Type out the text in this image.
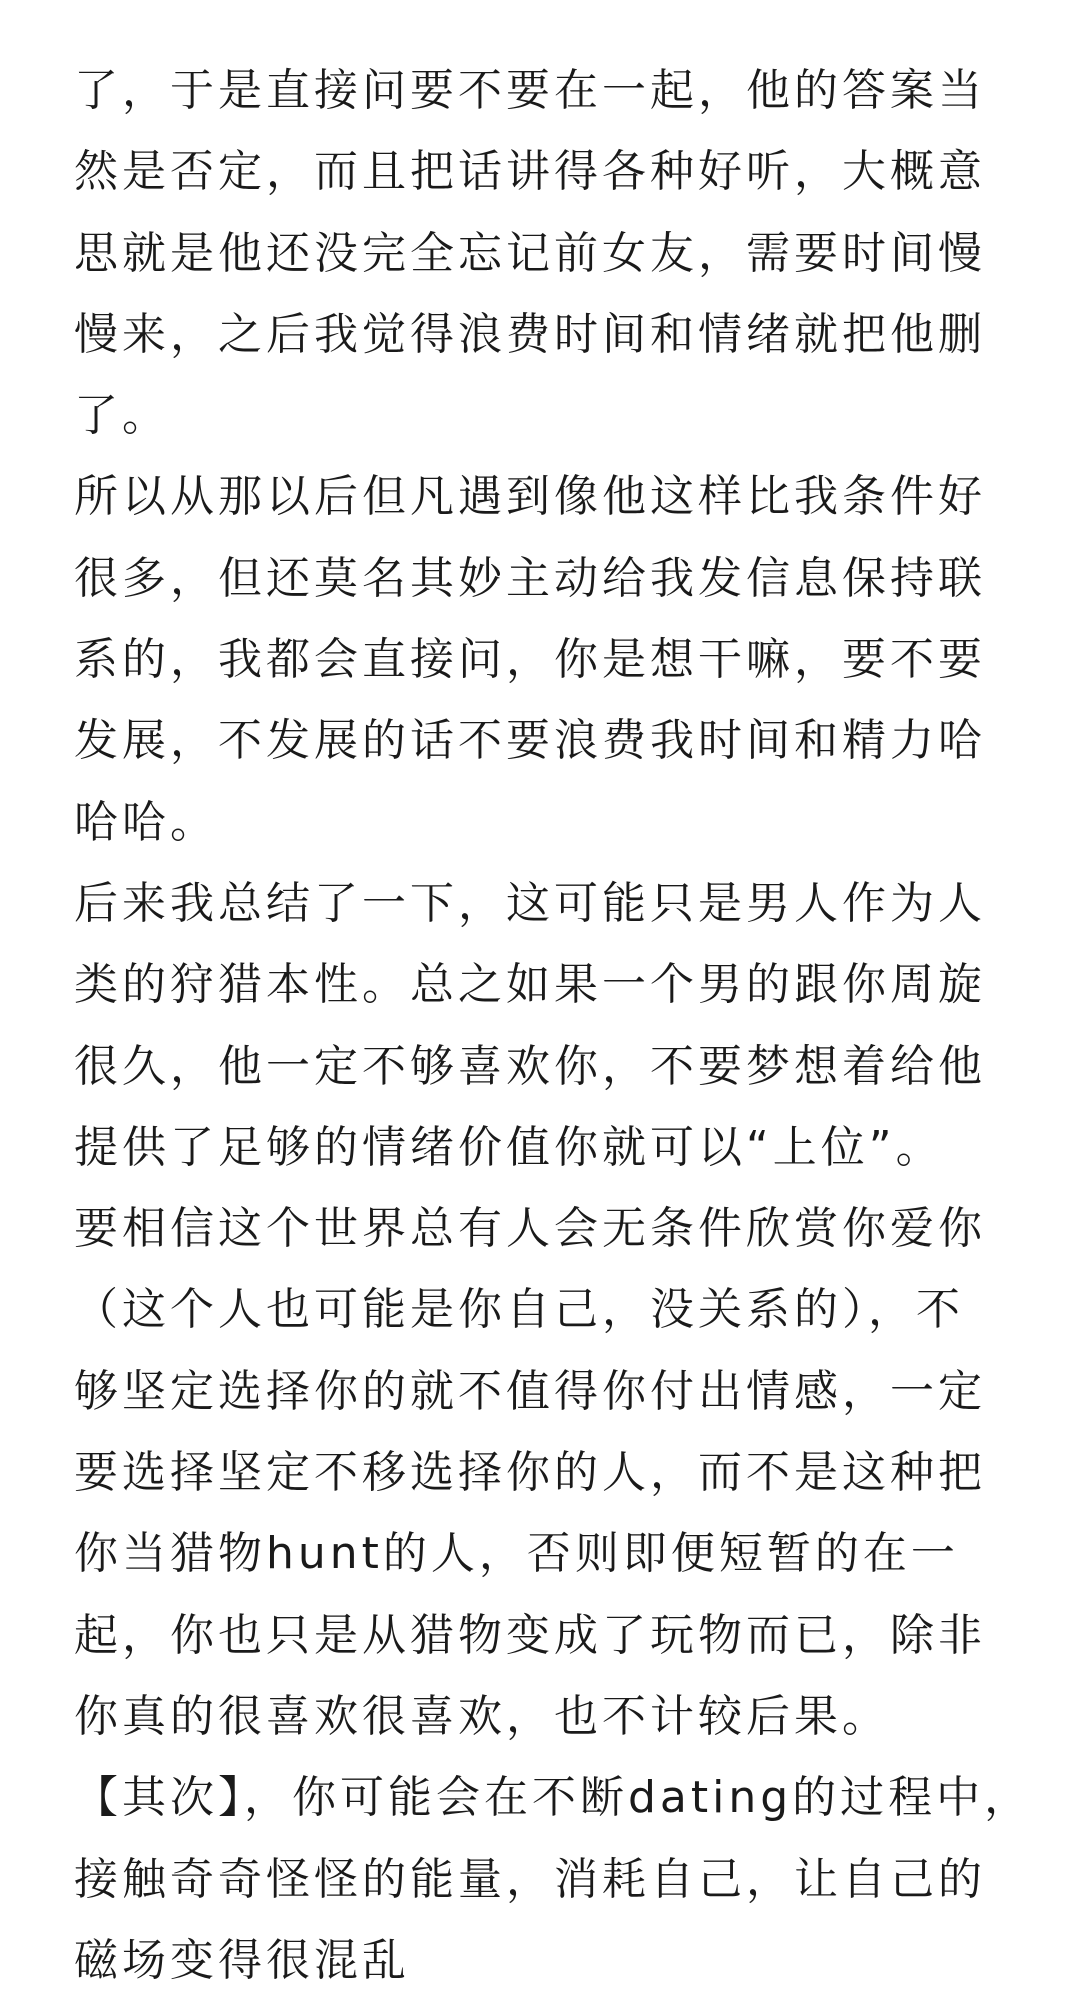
了，于是直接问要不要在一起，他的答案当
然是否定，而且把话讲得各种好听，大概意
思就是他还没完全忘记前女友，需要时间慢
慢来，之后我觉得浪费时间和情绪就把他删
了。
所以从那以后但凡遇到像他这样比我条件好
很多，但还莫名其妙主动给我发信息保持联
系的，我都会直接问，你是想干嘛，要不要
发展，不发展的话不要浪费我时间和精力哈
哈哈。
后来我总结了一下，这可能只是男人作为人
类的狩猎本性。总之如果一个男的跟你周旋
很久，他一定不够喜欢你，不要梦想着给他
提供了足够的情绪价值你就可以“上位”。
要相信这个世界总有人会无条件欣赏你爱你
（这个人也可能是你自己，没关系的），不
够坚定选择你的就不值得你付出情感，一定
要选择坚定不移选择你的人，而不是这种把
你当猎物hunt的人，否则即便短暂的在一
起，你也只是从猎物变成了玩物而已，除非
你真的很喜欢很喜欢，也不计较后果。
【其次】，你可能会在不断dating的过程中，
接触奇奇怪怪的能量，消耗自己，让自己的
磁场变得很混乱
